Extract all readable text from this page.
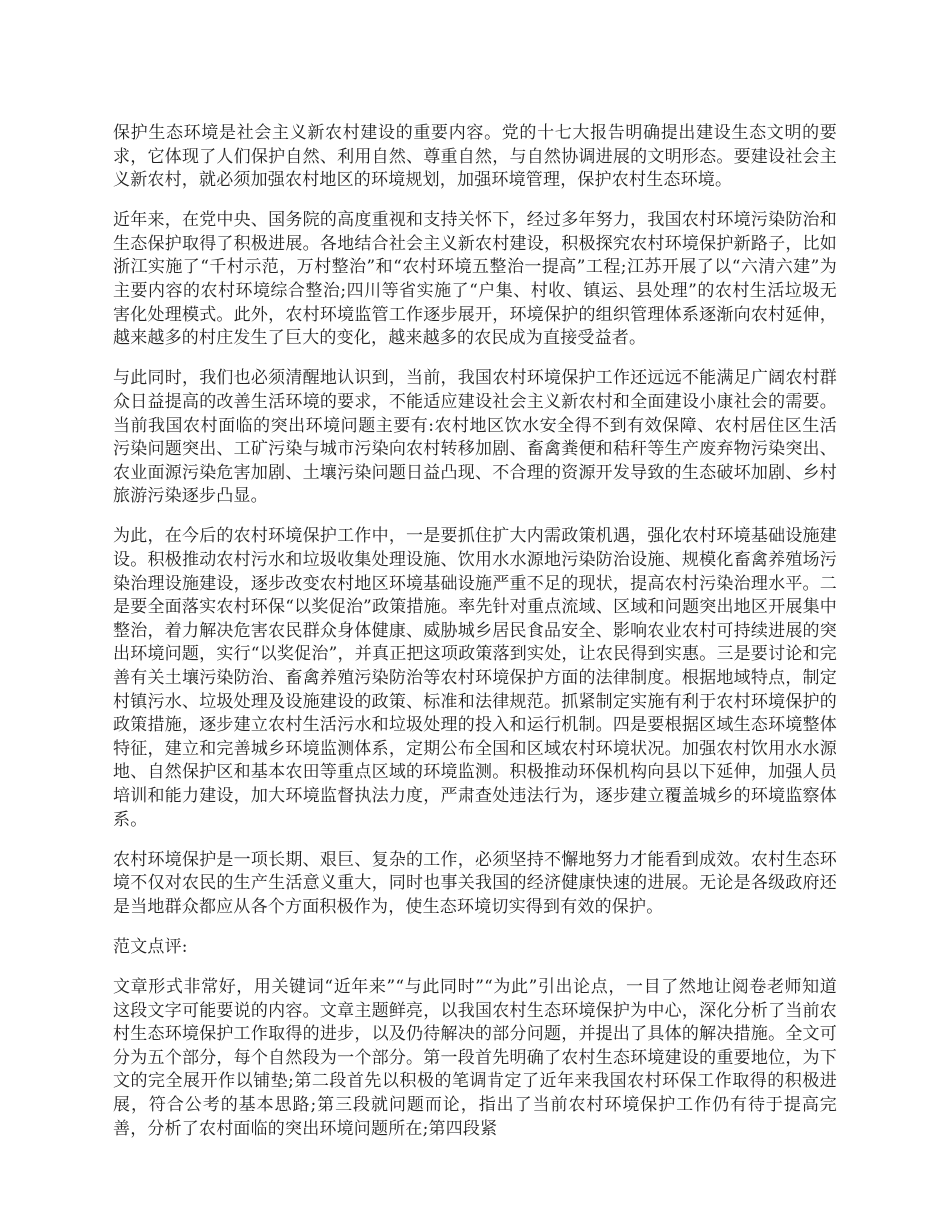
保护生态环境是社会主义新农村建设的重要内容。党的十七大报告明确提出建设生态文明的要求，它体现了人们保护自然、利用自然、尊重自然，与自然协调进展的文明形态。要建设社会主义新农村，就必须加强农村地区的环境规划，加强环境管理，保护农村生态环境。

近年来，在党中央、国务院的高度重视和支持关怀下，经过多年努力，我国农村环境污染防治和生态保护取得了积极进展。各地结合社会主义新农村建设，积极探究农村环境保护新路子，比如浙江实施了“千村示范，万村整治”和“农村环境五整治一提高”工程;江苏开展了以“六清六建”为主要内容的农村环境综合整治;四川等省实施了“户集、村收、镇运、县处理”的农村生活垃圾无害化处理模式。此外，农村环境监管工作逐步展开，环境保护的组织管理体系逐渐向农村延伸，越来越多的村庄发生了巨大的变化，越来越多的农民成为直接受益者。

与此同时，我们也必须清醒地认识到，当前，我国农村环境保护工作还远远不能满足广阔农村群众日益提高的改善生活环境的要求，不能适应建设社会主义新农村和全面建设小康社会的需要。当前我国农村面临的突出环境问题主要有:农村地区饮水安全得不到有效保障、农村居住区生活污染问题突出、工矿污染与城市污染向农村转移加剧、畜禽粪便和秸秆等生产废弃物污染突出、农业面源污染危害加剧、土壤污染问题日益凸现、不合理的资源开发导致的生态破坏加剧、乡村旅游污染逐步凸显。

为此，在今后的农村环境保护工作中，一是要抓住扩大内需政策机遇，强化农村环境基础设施建设。积极推动农村污水和垃圾收集处理设施、饮用水水源地污染防治设施、规模化畜禽养殖场污染治理设施建设，逐步改变农村地区环境基础设施严重不足的现状，提高农村污染治理水平。二是要全面落实农村环保“以奖促治”政策措施。率先针对重点流域、区域和问题突出地区开展集中整治，着力解决危害农民群众身体健康、威胁城乡居民食品安全、影响农业农村可持续进展的突出环境问题，实行“以奖促治”，并真正把这项政策落到实处，让农民得到实惠。三是要讨论和完善有关土壤污染防治、畜禽养殖污染防治等农村环境保护方面的法律制度。根据地域特点，制定村镇污水、垃圾处理及设施建设的政策、标准和法律规范。抓紧制定实施有利于农村环境保护的政策措施，逐步建立农村生活污水和垃圾处理的投入和运行机制。四是要根据区域生态环境整体特征，建立和完善城乡环境监测体系，定期公布全国和区域农村环境状况。加强农村饮用水水源地、自然保护区和基本农田等重点区域的环境监测。积极推动环保机构向县以下延伸，加强人员培训和能力建设，加大环境监督执法力度，严肃查处违法行为，逐步建立覆盖城乡的环境监察体系。

农村环境保护是一项长期、艰巨、复杂的工作，必须坚持不懈地努力才能看到成效。农村生态环境不仅对农民的生产生活意义重大，同时也事关我国的经济健康快速的进展。无论是各级政府还是当地群众都应从各个方面积极作为，使生态环境切实得到有效的保护。

范文点评:

文章形式非常好，用关键词“近年来”“与此同时”“为此”引出论点，一目了然地让阅卷老师知道这段文字可能要说的内容。文章主题鲜亮，以我国农村生态环境保护为中心，深化分析了当前农村生态环境保护工作取得的进步，以及仍待解决的部分问题，并提出了具体的解决措施。全文可分为五个部分，每个自然段为一个部分。第一段首先明确了农村生态环境建设的重要地位，为下文的完全展开作以铺垫;第二段首先以积极的笔调肯定了近年来我国农村环保工作取得的积极进展，符合公考的基本思路;第三段就问题而论，指出了当前农村环境保护工作仍有待于提高完善，分析了农村面临的突出环境问题所在;第四段紧
